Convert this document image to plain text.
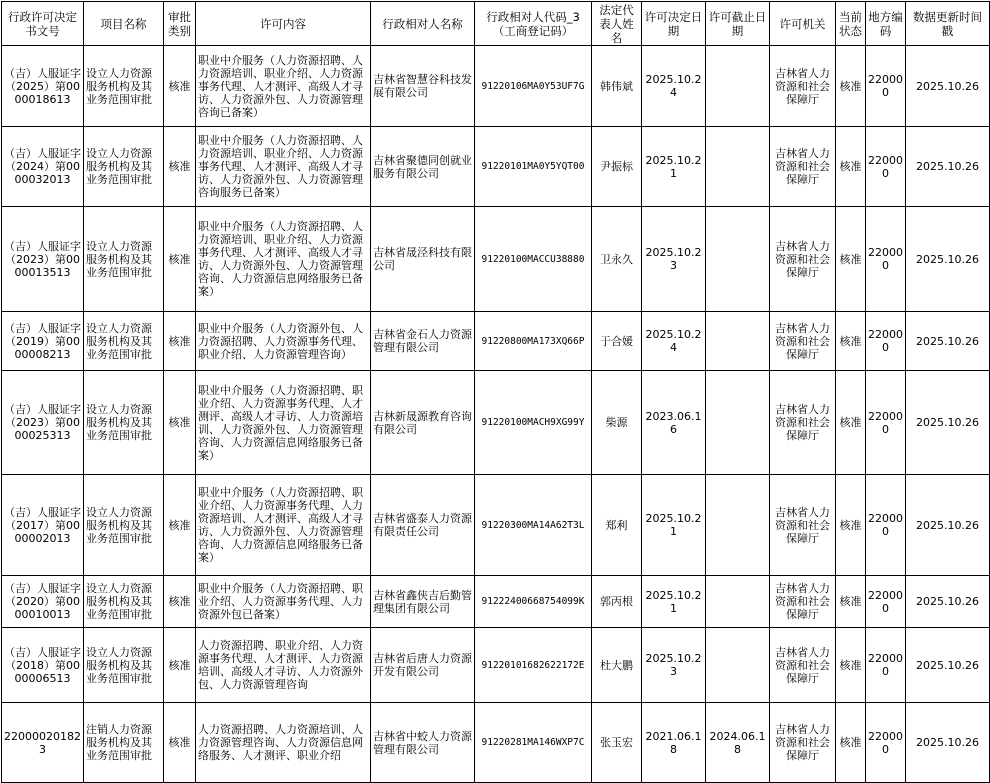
行政许可决定书文号	项目名称	审批类别	许可内容	行政相对人名称	行政相对人代码_3（工商登记码）	法定代表人姓名	许可决定日期	许可截止日期	许可机关	当前状态	地方编码	数据更新时间戳
（吉）人服证字（2025）第0000018613	设立人力资源服务机构及其业务范围审批	核准	职业中介服务（人力资源招聘、人力资源培训、职业介绍、人力资源事务代理、人才测评、高级人才寻访、人力资源外包、人力资源管理咨询已备案）	吉林省智慧谷科技发展有限公司	91220106MA0Y53UF7G	韩伟斌	2025.10.24		吉林省人力资源和社会保障厅	核准	220000	2025.10.26
（吉）人服证字（2024）第0000032013	设立人力资源服务机构及其业务范围审批	核准	职业中介服务（人力资源招聘、人力资源培训、职业介绍、人力资源事务代理、人才测评、高级人才寻访、人力资源外包、人力资源管理咨询服务已备案）	吉林省聚德同创就业服务有限公司	91220101MA0Y5YQT00	尹振标	2025.10.21		吉林省人力资源和社会保障厅	核准	220000	2025.10.26
（吉）人服证字（2023）第0000013513	设立人力资源服务机构及其业务范围审批	核准	职业中介服务（人力资源招聘、人力资源培训、职业介绍、人力资源事务代理、人才测评、高级人才寻访、人力资源外包、人力资源管理咨询、人力资源信息网络服务已备案）	吉林省晟泾科技有限公司	91220100MACCU38880	卫永久	2025.10.23		吉林省人力资源和社会保障厅	核准	220000	2025.10.26
（吉）人服证字（2019）第0000008213	设立人力资源服务机构及其业务范围审批	核准	职业中介服务（人力资源外包、人力资源招聘、人力资源事务代理、职业介绍、人力资源管理咨询）	吉林省金石人力资源管理有限公司	91220800MA173XQ66P	于合媛	2025.10.24		吉林省人力资源和社会保障厅	核准	220000	2025.10.26
（吉）人服证字（2023）第0000025313	设立人力资源服务机构及其业务范围审批	核准	职业中介服务（人力资源招聘、职业介绍、人力资源事务代理、人才测评、高级人才寻访、人力资源培训、人力资源外包、人力资源管理咨询、人力资源信息网络服务已备案）	吉林新晟源教育咨询有限公司	91220100MACH9XG99Y	柴源	2023.06.16		吉林省人力资源和社会保障厅	核准	220000	2025.10.26
（吉）人服证字（2017）第0000002013	设立人力资源服务机构及其业务范围审批	核准	职业中介服务（人力资源招聘、职业介绍、人力资源事务代理、人力资源培训、人才测评、高级人才寻访、人力资源外包、人力资源管理咨询、人力资源信息网络服务已备案）	吉林省盛泰人力资源有限责任公司	91220300MA14A62T3L	郑利	2025.10.21		吉林省人力资源和社会保障厅	核准	220000	2025.10.26
（吉）人服证字（2020）第0000010013	设立人力资源服务机构及其业务范围审批	核准	职业中介服务（人力资源招聘、职业介绍、人力资源事务代理、人力资源外包已备案）	吉林省鑫侠吉后勤管理集团有限公司	91222400668754099K	郭丙根	2025.10.21		吉林省人力资源和社会保障厅	核准	220000	2025.10.26
（吉）人服证字（2018）第0000006513	设立人力资源服务机构及其业务范围审批	核准	人力资源招聘、职业介绍、人力资源事务代理、人才测评、人力资源培训、高级人才寻访、人力资源外包、人力资源管理咨询	吉林省后唐人力资源开发有限公司	91220101682622172E	杜大鹏	2025.10.23		吉林省人力资源和社会保障厅	核准	220000	2025.10.26
220000201823	注销人力资源服务机构及其业务范围审批	核准	人力资源招聘、人力资源培训、人力资源管理咨询、人力资源信息网络服务、人才测评、职业介绍	吉林省中蛟人力资源管理有限公司	91220281MA146WXP7C	张玉宏	2021.06.18	2024.06.18	吉林省人力资源和社会保障厅	核准	220000	2025.10.26
